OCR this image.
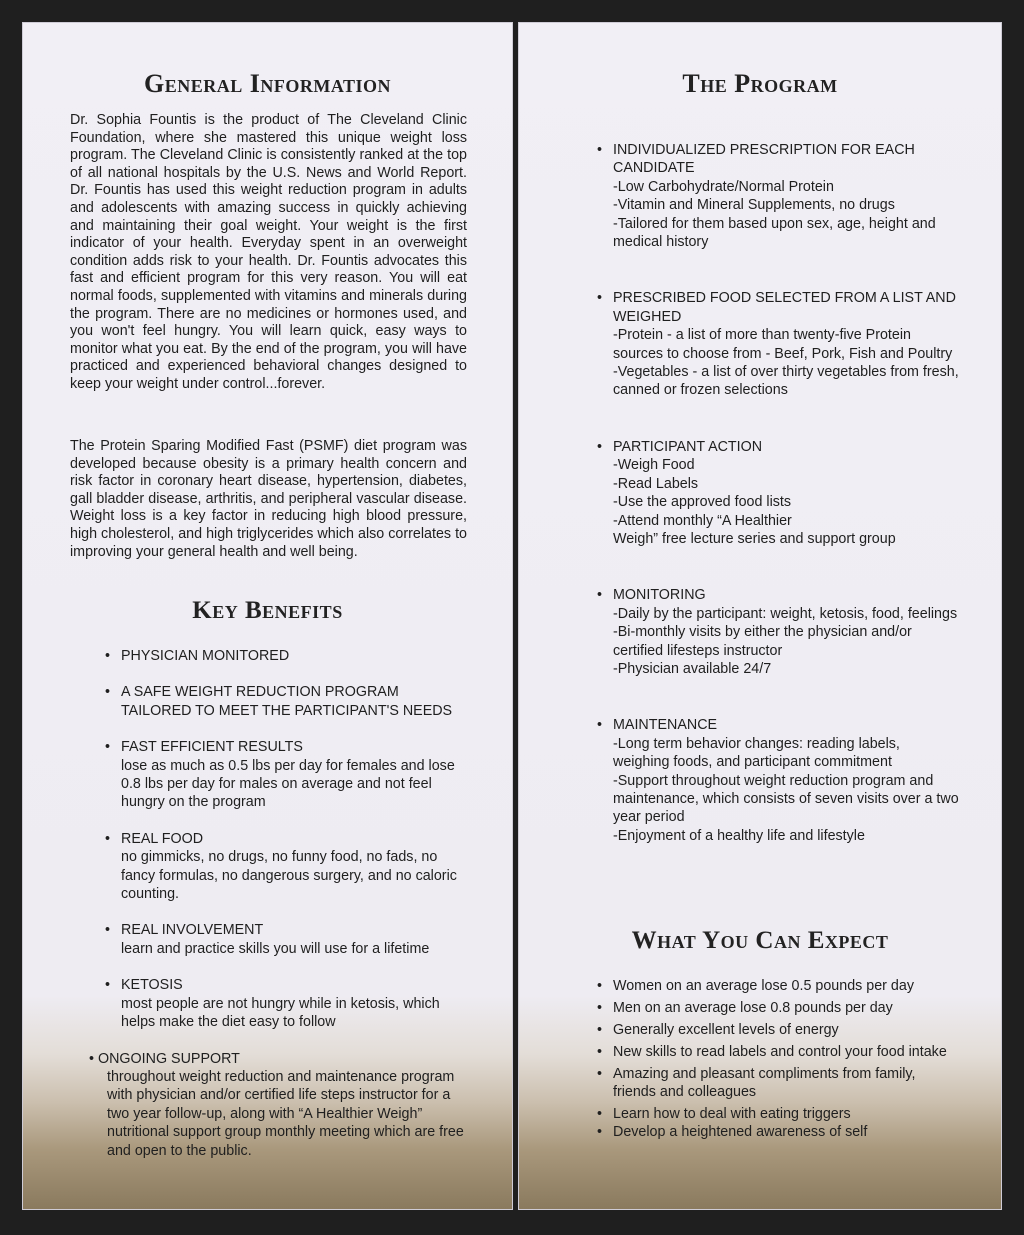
General Information

Dr. Sophia Fountis is the product of The Cleveland Clinic Foundation, where she mastered this unique weight loss program. The Cleveland Clinic is consistently ranked at the top of all national hospitals by the U.S. News and World Report. Dr. Fountis has used this weight reduction program in adults and adolescents with amazing success in quickly achieving and maintaining their goal weight. Your weight is the first indicator of your health. Everyday spent in an overweight condition adds risk to your health. Dr. Fountis advocates this fast and efficient program for this very reason. You will eat normal foods, supplemented with vitamins and minerals during the program. There are no medicines or hormones used, and you won't feel hungry. You will learn quick, easy ways to monitor what you eat. By the end of the program, you will have practiced and experienced behavioral changes designed to keep your weight under control...forever.

The Protein Sparing Modified Fast (PSMF) diet program was developed because obesity is a primary health concern and risk factor in coronary heart disease, hypertension, diabetes, gall bladder disease, arthritis, and peripheral vascular disease. Weight loss is a key factor in reducing high blood pressure, high cholesterol, and high triglycerides which also correlates to improving your general health and well being.

Key Benefits
• PHYSICIAN MONITORED
• A SAFE WEIGHT REDUCTION PROGRAM TAILORED TO MEET THE PARTICIPANT'S NEEDS
• FAST EFFICIENT RESULTS
lose as much as 0.5 lbs per day for females and lose 0.8 lbs per day for males on average and not feel hungry on the program
• REAL FOOD
no gimmicks, no drugs, no funny food, no fads, no fancy formulas, no dangerous surgery, and no caloric counting.
• REAL INVOLVEMENT
learn and practice skills you will use for a lifetime
• KETOSIS
most people are not hungry while in ketosis, which helps make the diet easy to follow
• ONGOING SUPPORT
throughout weight reduction and maintenance program with physician and/or certified life steps instructor for a two year follow-up, along with “A Healthier Weigh” nutritional support group monthly meeting which are free and open to the public.
The Program
• INDIVIDUALIZED PRESCRIPTION FOR EACH CANDIDATE
-Low Carbohydrate/Normal Protein
-Vitamin and Mineral Supplements, no drugs
-Tailored for them based upon sex, age, height and medical history
• PRESCRIBED FOOD SELECTED FROM A LIST AND WEIGHED
-Protein - a list of more than twenty-five Protein sources to choose from - Beef, Pork, Fish and Poultry
-Vegetables - a list of over thirty vegetables from fresh, canned or frozen selections
• PARTICIPANT ACTION
-Weigh Food
-Read Labels
-Use the approved food lists
-Attend monthly “A Healthier
Weigh” free lecture series and support group
• MONITORING
-Daily by the participant: weight, ketosis, food, feelings
-Bi-monthly visits by either the physician and/or certified lifesteps instructor
-Physician available 24/7
• MAINTENANCE
-Long term behavior changes: reading labels, weighing foods, and participant commitment
-Support throughout weight reduction program and maintenance, which consists of seven visits over a two year period
-Enjoyment of a healthy life and lifestyle
What You Can Expect
• Women on an average lose 0.5 pounds per day
• Men on an average lose 0.8 pounds per day
• Generally excellent levels of energy
• New skills to read labels and control your food intake
• Amazing and pleasant compliments from family, friends and colleagues
• Learn how to deal with eating triggers
• Develop a heightened awareness of self
